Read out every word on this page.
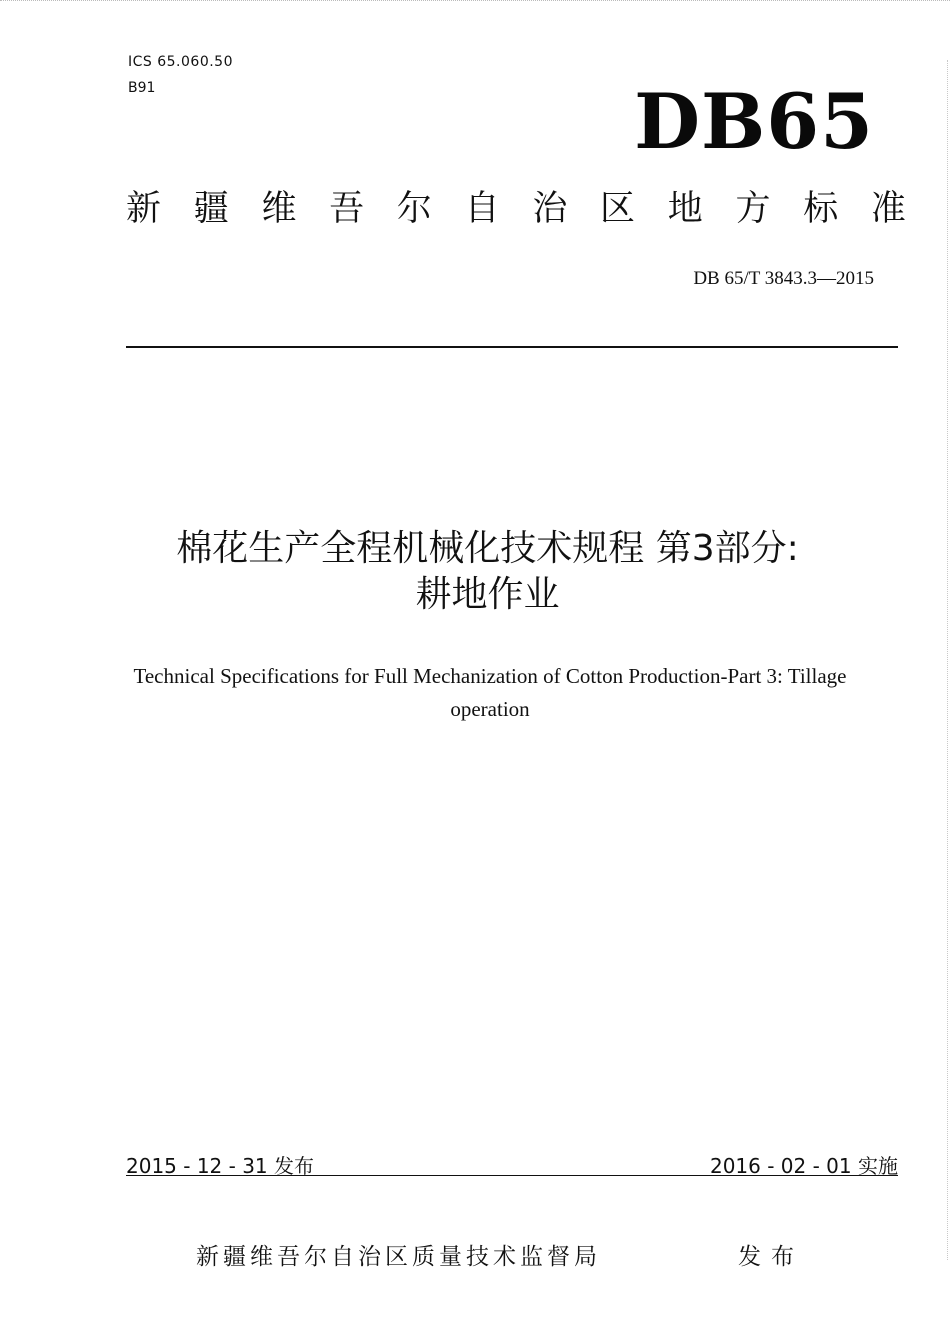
ICS 65.060.50
B91	DB65
新 疆 维 吾 尔 自 治 区 地 方 标 准
DB 65/T 3843.3—2015
棉花生产全程机械化技术规程 第3部分:
耕地作业
Technical Specifications for Full Mechanization of Cotton Production-Part 3: Tillage
operation
2015 - 12 - 31 发布	2016 - 02 - 01 实施
新疆维吾尔自治区质量技术监督局	发布
